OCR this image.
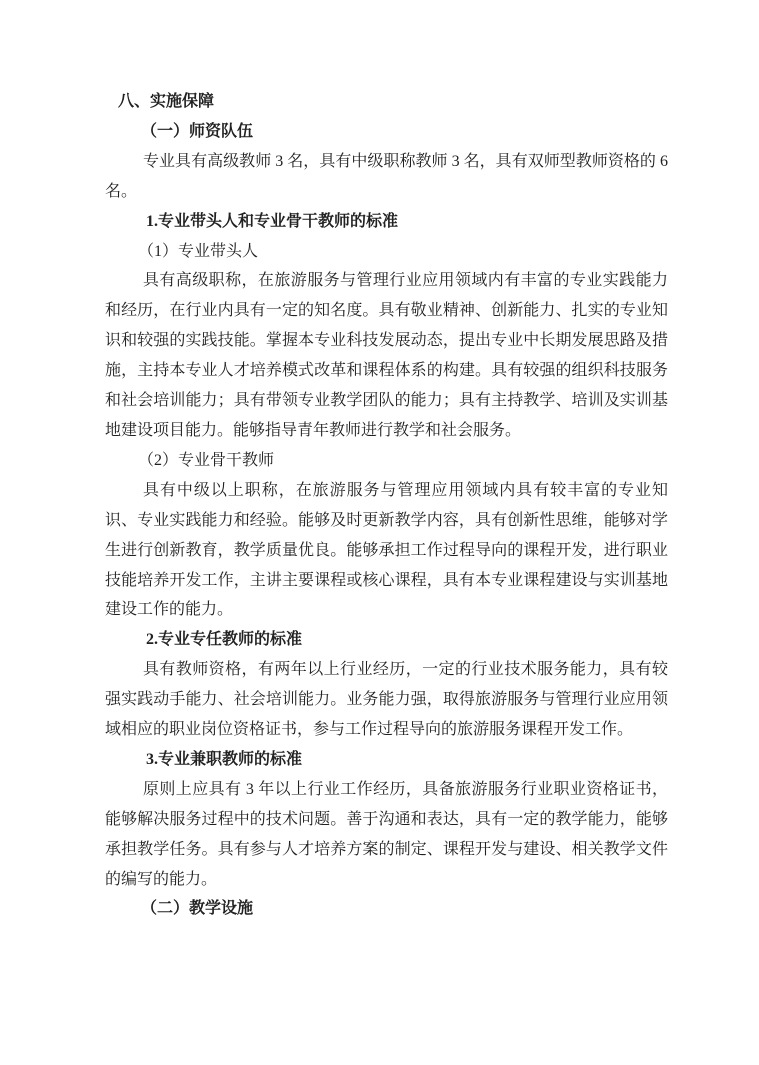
八、实施保障

（一）师资队伍

专业具有高级教师 3 名，具有中级职称教师 3 名，具有双师型教师资格的 6 名。

1.专业带头人和专业骨干教师的标准

（1）专业带头人

具有高级职称，在旅游服务与管理行业应用领域内有丰富的专业实践能力和经历，在行业内具有一定的知名度。具有敬业精神、创新能力、扎实的专业知识和较强的实践技能。掌握本专业科技发展动态，提出专业中长期发展思路及措施，主持本专业人才培养模式改革和课程体系的构建。具有较强的组织科技服务和社会培训能力；具有带领专业教学团队的能力；具有主持教学、培训及实训基地建设项目能力。能够指导青年教师进行教学和社会服务。

（2）专业骨干教师

具有中级以上职称，在旅游服务与管理应用领域内具有较丰富的专业知识、专业实践能力和经验。能够及时更新教学内容，具有创新性思维，能够对学生进行创新教育，教学质量优良。能够承担工作过程导向的课程开发，进行职业技能培养开发工作，主讲主要课程或核心课程，具有本专业课程建设与实训基地建设工作的能力。

2.专业专任教师的标准

具有教师资格，有两年以上行业经历，一定的行业技术服务能力，具有较强实践动手能力、社会培训能力。业务能力强，取得旅游服务与管理行业应用领域相应的职业岗位资格证书，参与工作过程导向的旅游服务课程开发工作。

3.专业兼职教师的标准

原则上应具有 3 年以上行业工作经历，具备旅游服务行业职业资格证书，能够解决服务过程中的技术问题。善于沟通和表达，具有一定的教学能力，能够承担教学任务。具有参与人才培养方案的制定、课程开发与建设、相关教学文件的编写的能力。

（二）教学设施
